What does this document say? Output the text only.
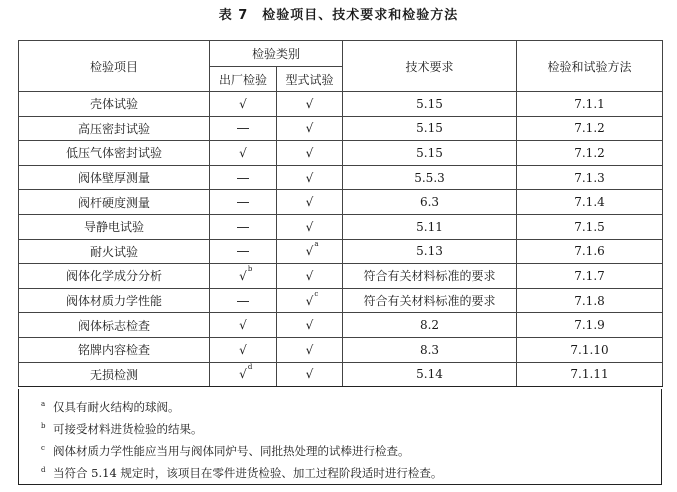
表 7 检验项目、技术要求和检验方法
检验项目	检验类别		技术要求	检验和试验方法
	出厂检验	型式试验		
壳体试验	√	√	5.15	7.1.1
高压密封试验		√	5.15	7.1.2
低压气体密封试验	√	√	5.15	7.1.2
阀体壁厚测量		√	5.5.3	7.1.3
阀杆硬度测量		√	6.3	7.1.4
导静电试验		√	5.11	7.1.5
耐火试验		√ a	5.13	7.1.6
阀体化学成分分析	√ b	√	符合有关材料标准的要求	7.1.7
阀体材质力学性能		√ c	符合有关材料标准的要求	7.1.8
阀体标志检查	√	√	8.2	7.1.9
铭牌内容检查	√	√	8.3	7.1.10
无损检测	√ d	√	5.14	7.1.11
a 仅具有耐火结构的球阀。
b 可接受材料进货检验的结果。
c 阀体材质力学性能应当用与阀体同炉号、同批热处理的试棒进行检查。
d 当符合 5.14 规定时，该项目在零件进货检验、加工过程阶段适时进行检查。
